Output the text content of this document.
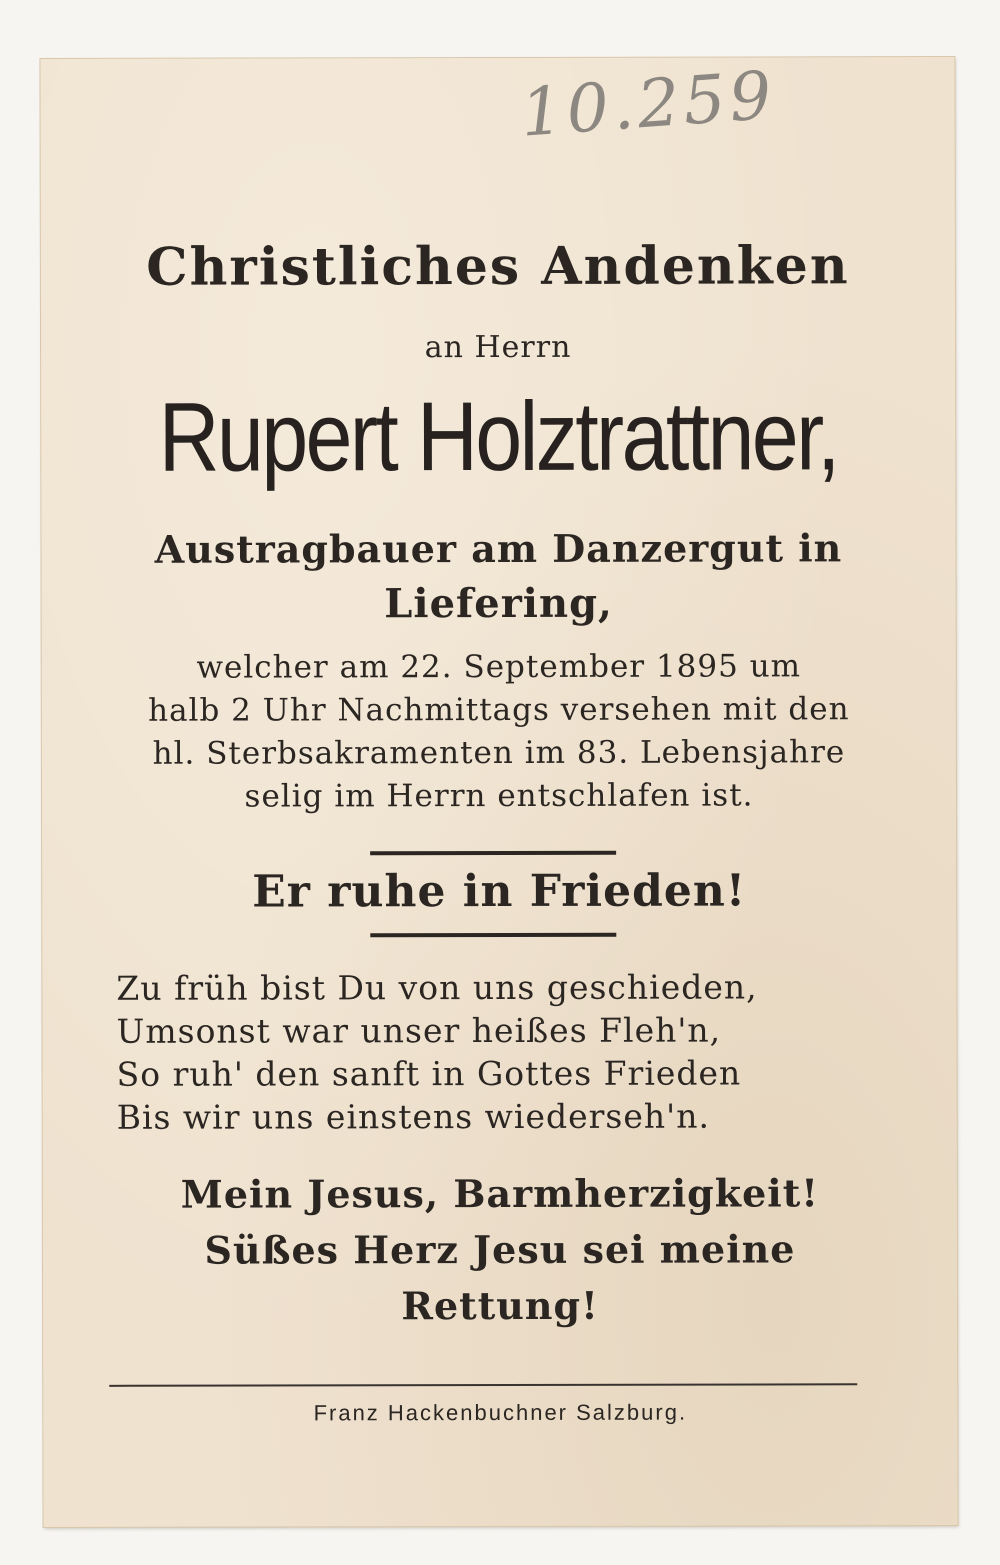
10.259
Christliches Andenken
an Herrn
Rupert Holztrattner,
Austragbauer am Danzergut in
Liefering,
welcher am 22. September 1895 um
halb 2 Uhr Nachmittags versehen mit den
hl. Sterbsakramenten im 83. Lebensjahre
selig im Herrn entschlafen ist.
Er ruhe in Frieden!
Zu früh bist Du von uns geschieden,
Umsonst war unser heißes Fleh'n,
So ruh' den sanft in Gottes Frieden
Bis wir uns einstens wiederseh'n.
Mein Jesus, Barmherzigkeit!
Süßes Herz Jesu sei meine
Rettung!
Franz Hackenbuchner Salzburg.
